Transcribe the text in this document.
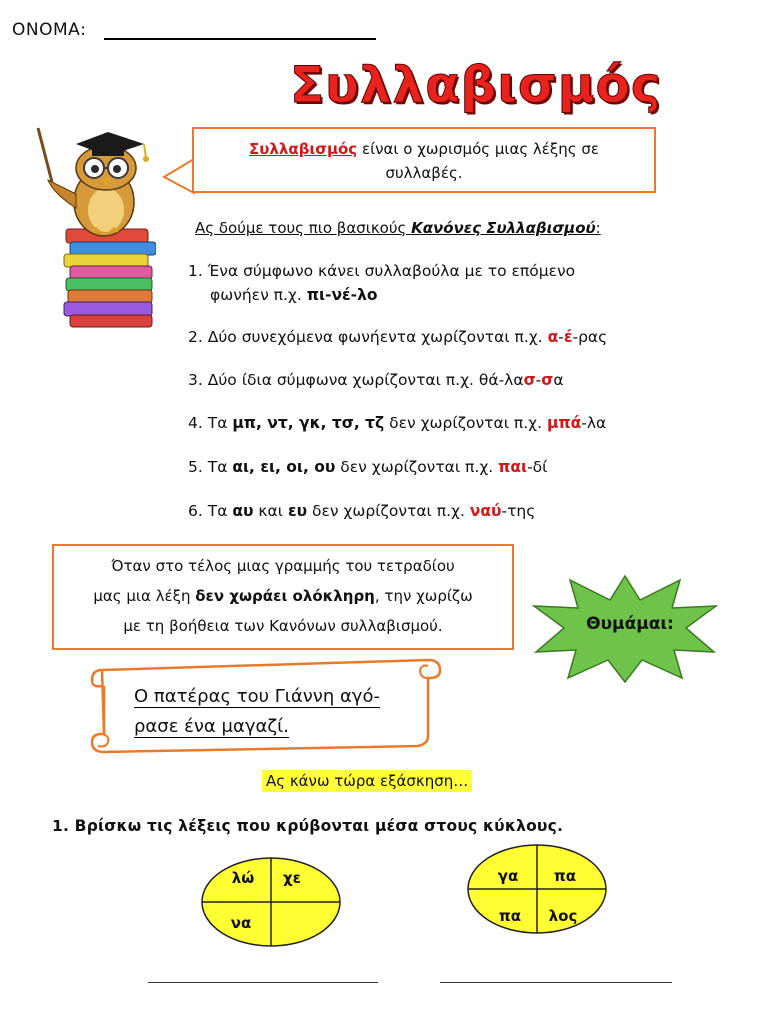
ΟΝΟΜΑ:
Συλλαβισμός
Συλλαβισμός είναι ο χωρισμός μιας λέξης σε
συλλαβές.
Ας δούμε τους πιο βασικούς Κανόνες Συλλαβισμού:
1. Ένα σύμφωνο κάνει συλλαβούλα με το επόμενο
φωνήεν π.χ. πι-νέ-λο
2. Δύο συνεχόμενα φωνήεντα χωρίζονται π.χ. α-έ-ρας
3. Δύο ίδια σύμφωνα χωρίζονται π.χ. θά-λασ-σα
4. Τα μπ, ντ, γκ, τσ, τζ δεν χωρίζονται π.χ. μπά-λα
5. Τα αι, ει, οι, ου δεν χωρίζονται π.χ. παι-δί
6. Τα αυ και ευ δεν χωρίζονται π.χ. ναύ-της
Όταν στο τέλος μιας γραμμής του τετραδίου
μας μια λέξη δεν χωράει ολόκληρη, την χωρίζω
με τη βοήθεια των Κανόνων συλλαβισμού.	Θυμάμαι:
Ο πατέρας του Γιάννη αγό-
ρασε ένα μαγαζί.
Ας κάνω τώρα εξάσκηση…
1. Βρίσκω τις λέξεις που κρύβονται μέσα στους κύκλους.
λώ	χε
να
γα	πα
πα	λος
